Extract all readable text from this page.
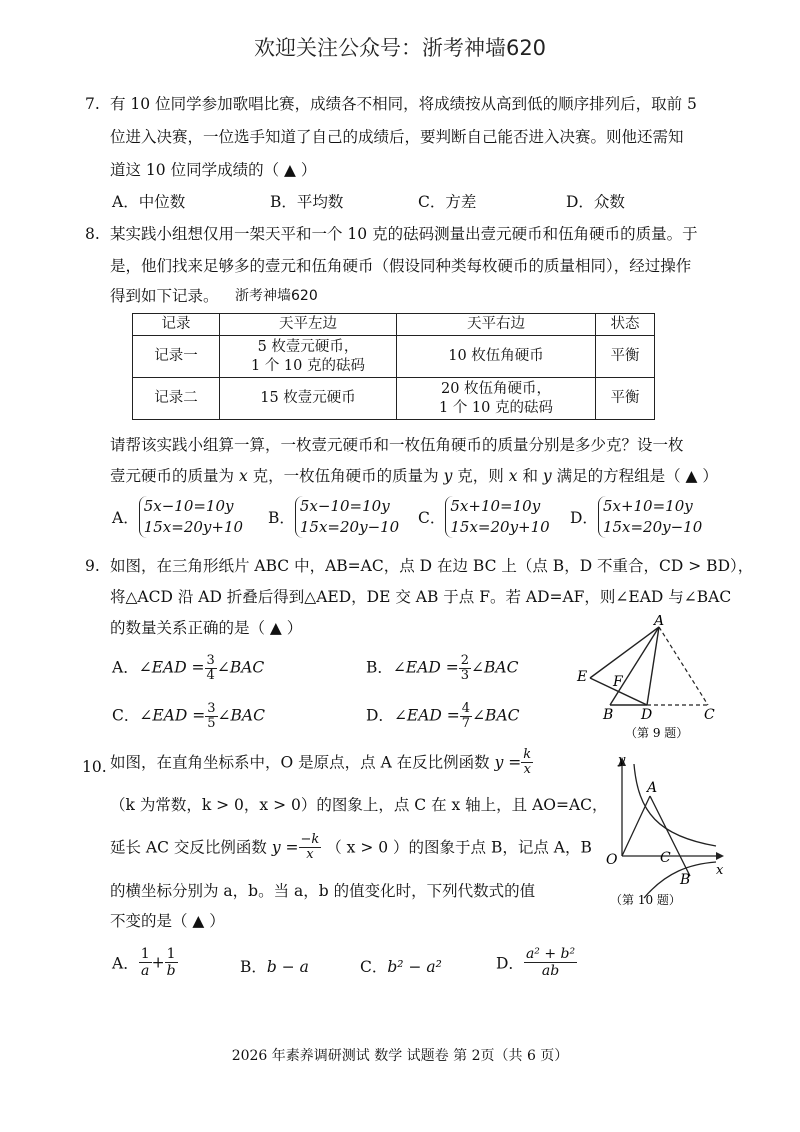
欢迎关注公众号：浙考神墙620
7. 有 10 位同学参加歌唱比赛，成绩各不相同，将成绩按从高到低的顺序排列后，取前 5
位进入决赛，一位选手知道了自己的成绩后，要判断自己能否进入决赛。则他还需知
道这 10 位同学成绩的（ ▲ ）
A．中位数	B．平均数	C．方差	D．众数
8. 某实践小组想仅用一架天平和一个 10 克的砝码测量出壹元硬币和伍角硬币的质量。于
是，他们找来足够多的壹元和伍角硬币（假设同种类每枚硬币的质量相同），经过操作
得到如下记录。 浙考神墙620
记录	天平左边	天平右边	状态
记录一	5 枚壹元硬币，
1 个 10 克的砝码	10 枚伍角硬币	平衡
记录二	15 枚壹元硬币	20 枚伍角硬币，
1 个 10 克的砝码	平衡
请帮该实践小组算一算，一枚壹元硬币和一枚伍角硬币的质量分别是多少克？设一枚
壹元硬币的质量为 x 克，一枚伍角硬币的质量为 y 克，则 x 和 y 满足的方程组是（ ▲ ）
A．
5x−10=10y
15x=20y+10 B．
5x−10=10y
15x=20y−10 C．
5x+10=10y
15x=20y+10 D．
5x+10=10y
15x=20y−10
9. 如图，在三角形纸片 ABC 中，AB=AC，点 D 在边 BC 上（点 B，D 不重合，CD > BD），
将△ACD 沿 AD 折叠后得到△AED，DE 交 AB 于点 F。若 AD=AF，则∠EAD 与∠BAC
的数量关系正确的是（ ▲ ）
A．∠EAD = $\frac{3}{4}$ ∠BAC	B．∠EAD = $\frac{2}{3}$ ∠BAC
C．∠EAD = $\frac{3}{5}$ ∠BAC	D．∠EAD = $\frac{4}{7}$ ∠BAC
A
E F
B D	C
（第 9 题）
10. 如图，在直角坐标系中，O 是原点，点 A 在反比例函数 $y = \frac{k}{x}$
（k 为常数，k > 0，x > 0）的图象上，点 C 在 x 轴上，且 AO=AC，
延长 AC 交反比例函数 $y = \frac{-k}{x}$ （ x > 0 ）的图象于点 B，记点 A，B
的横坐标分别为 a，b。当 a，b 的值变化时，下列代数式的值
不变的是（ ▲ ）
A． $\frac{1}{a} + \frac{1}{b}$	B．b − a	C．b² − a²	D． $\frac{\text{a² + b²}}{ab}$
y
x
O
A
C
B
（第 10 题）
2026 年素养调研测试 数学 试题卷 第 2页（共 6 页）
